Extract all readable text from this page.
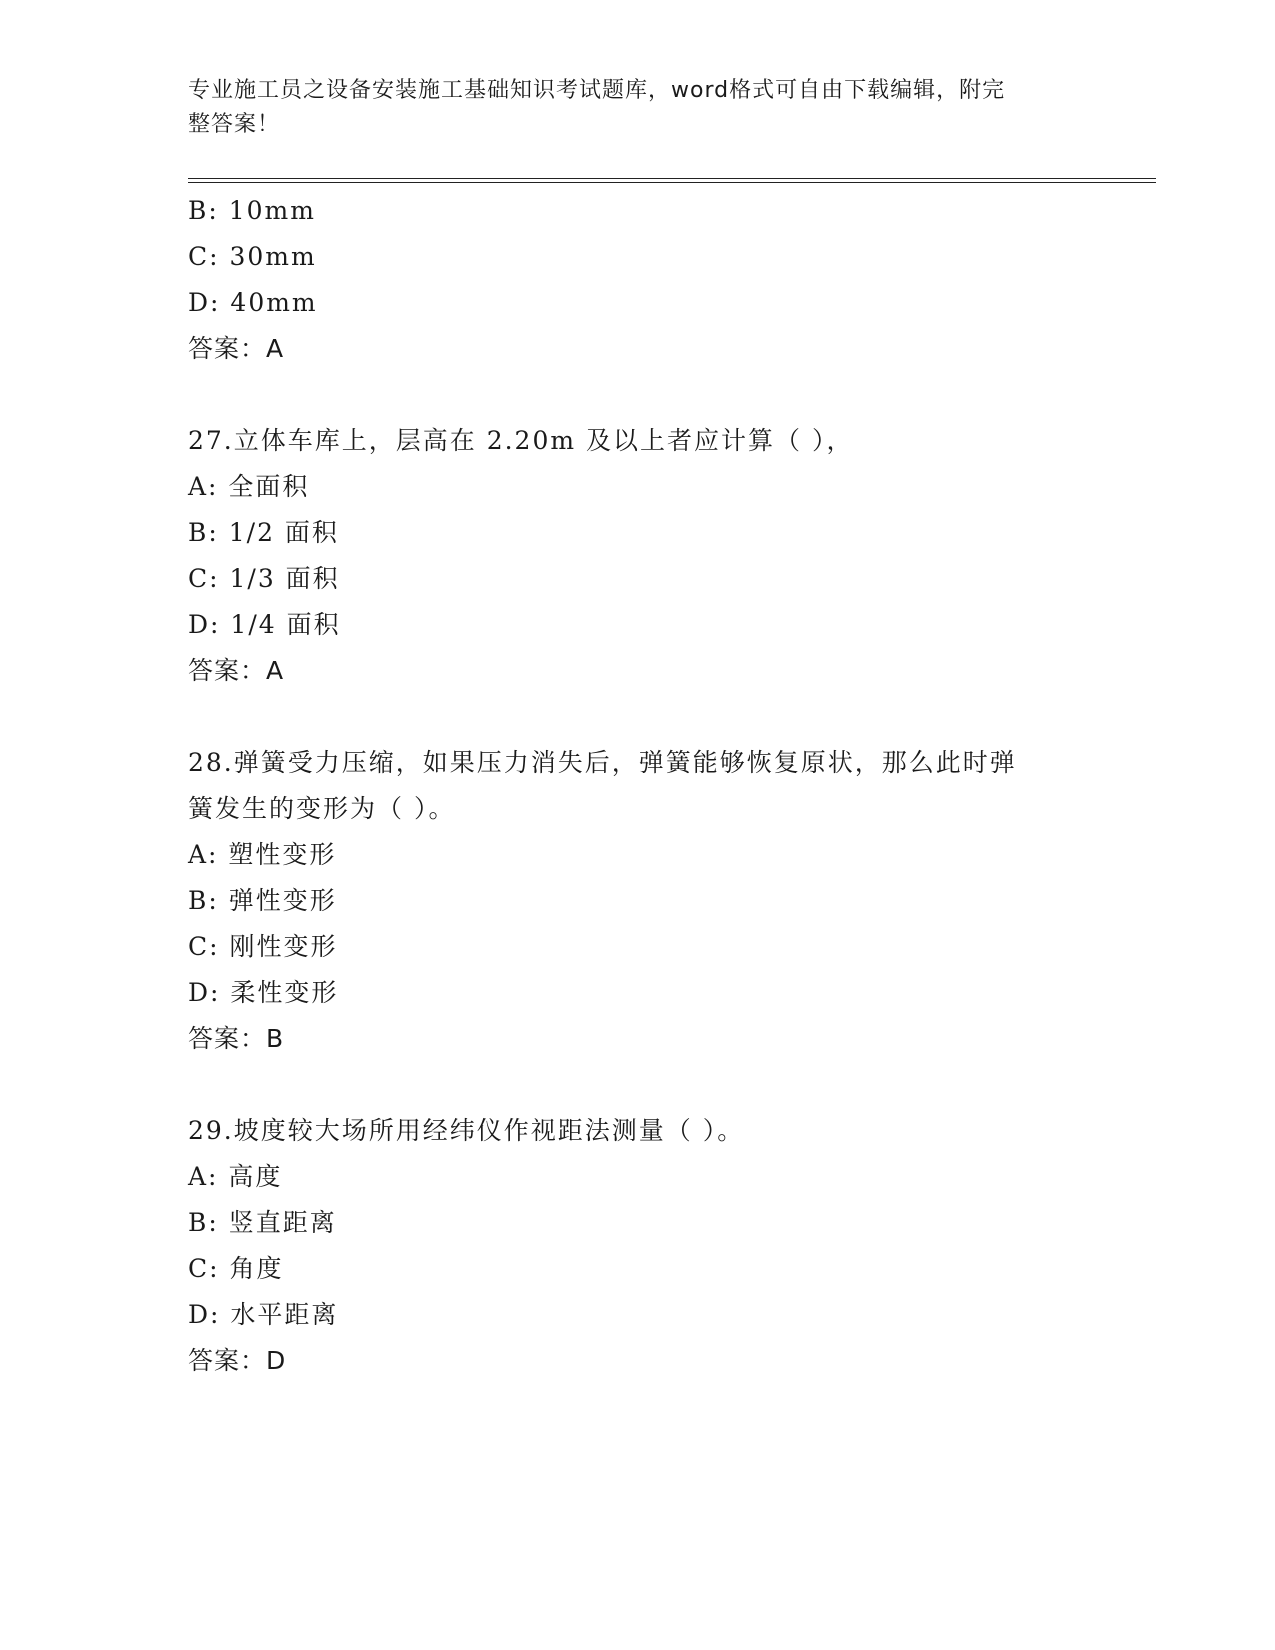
专业施工员之设备安装施工基础知识考试题库，word格式可自由下载编辑，附完
整答案！
B: 10mm
C: 30mm
D: 40mm
答案：A
27.立体车库上，层高在 2.20m 及以上者应计算（ ），
A: 全面积
B: 1/2 面积
C: 1/3 面积
D: 1/4 面积
答案：A
28.弹簧受力压缩，如果压力消失后，弹簧能够恢复原状，那么此时弹
簧发生的变形为（ ）。
A: 塑性变形
B: 弹性变形
C: 刚性变形
D: 柔性变形
答案：B
29.坡度较大场所用经纬仪作视距法测量（ ）。
A: 高度
B: 竖直距离
C: 角度
D: 水平距离
答案：D
